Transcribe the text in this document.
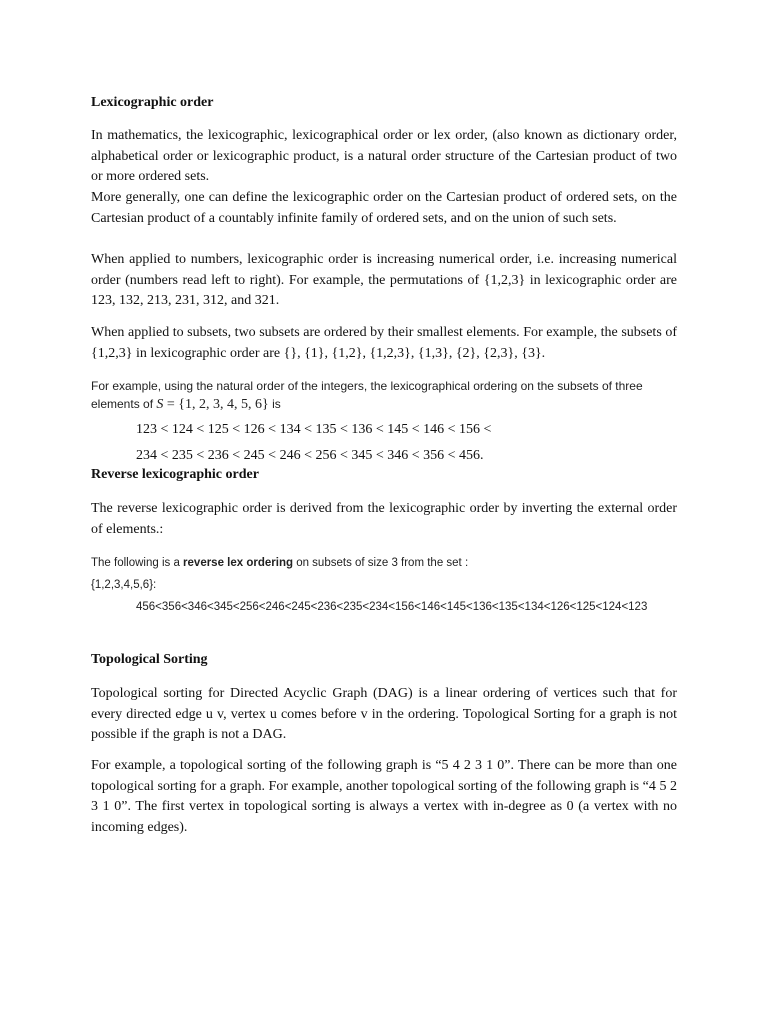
Lexicographic order

In mathematics, the lexicographic, lexicographical order or lex order, (also known as dictionary order, alphabetical order or lexicographic product, is a natural order structure of the Cartesian product of two or more ordered sets.

More generally, one can define the lexicographic order on the Cartesian product of ordered sets, on the Cartesian product of a countably infinite family of ordered sets, and on the union of such sets.

When applied to numbers, lexicographic order is increasing numerical order, i.e. increasing numerical order (numbers read left to right). For example, the permutations of {1,2,3} in lexicographic order are 123, 132, 213, 231, 312, and 321.

When applied to subsets, two subsets are ordered by their smallest elements. For example, the subsets of {1,2,3} in lexicographic order are {}, {1}, {1,2}, {1,2,3}, {1,3}, {2}, {2,3}, {3}.

For example, using the natural order of the integers, the lexicographical ordering on the subsets of three elements of S = {1, 2, 3, 4, 5, 6} is

123 < 124 < 125 < 126 < 134 < 135 < 136 < 145 < 146 < 156 <

234 < 235 < 236 < 245 < 246 < 256 < 345 < 346 < 356 < 456.

Reverse lexicographic order

The reverse lexicographic order is derived from the lexicographic order by inverting the external order of elements.:

The following is a reverse lex ordering on subsets of size 3 from the set :

{1,2,3,4,5,6}:

456<356<346<345<256<246<245<236<235<234<156<146<145<136<135<134<126<125<124<123

Topological Sorting

Topological sorting for Directed Acyclic Graph (DAG) is a linear ordering of vertices such that for every directed edge u v, vertex u comes before v in the ordering. Topological Sorting for a graph is not possible if the graph is not a DAG.

For example, a topological sorting of the following graph is “5 4 2 3 1 0”. There can be more than one topological sorting for a graph. For example, another topological sorting of the following graph is “4 5 2 3 1 0”. The first vertex in topological sorting is always a vertex with in-degree as 0 (a vertex with no incoming edges).
